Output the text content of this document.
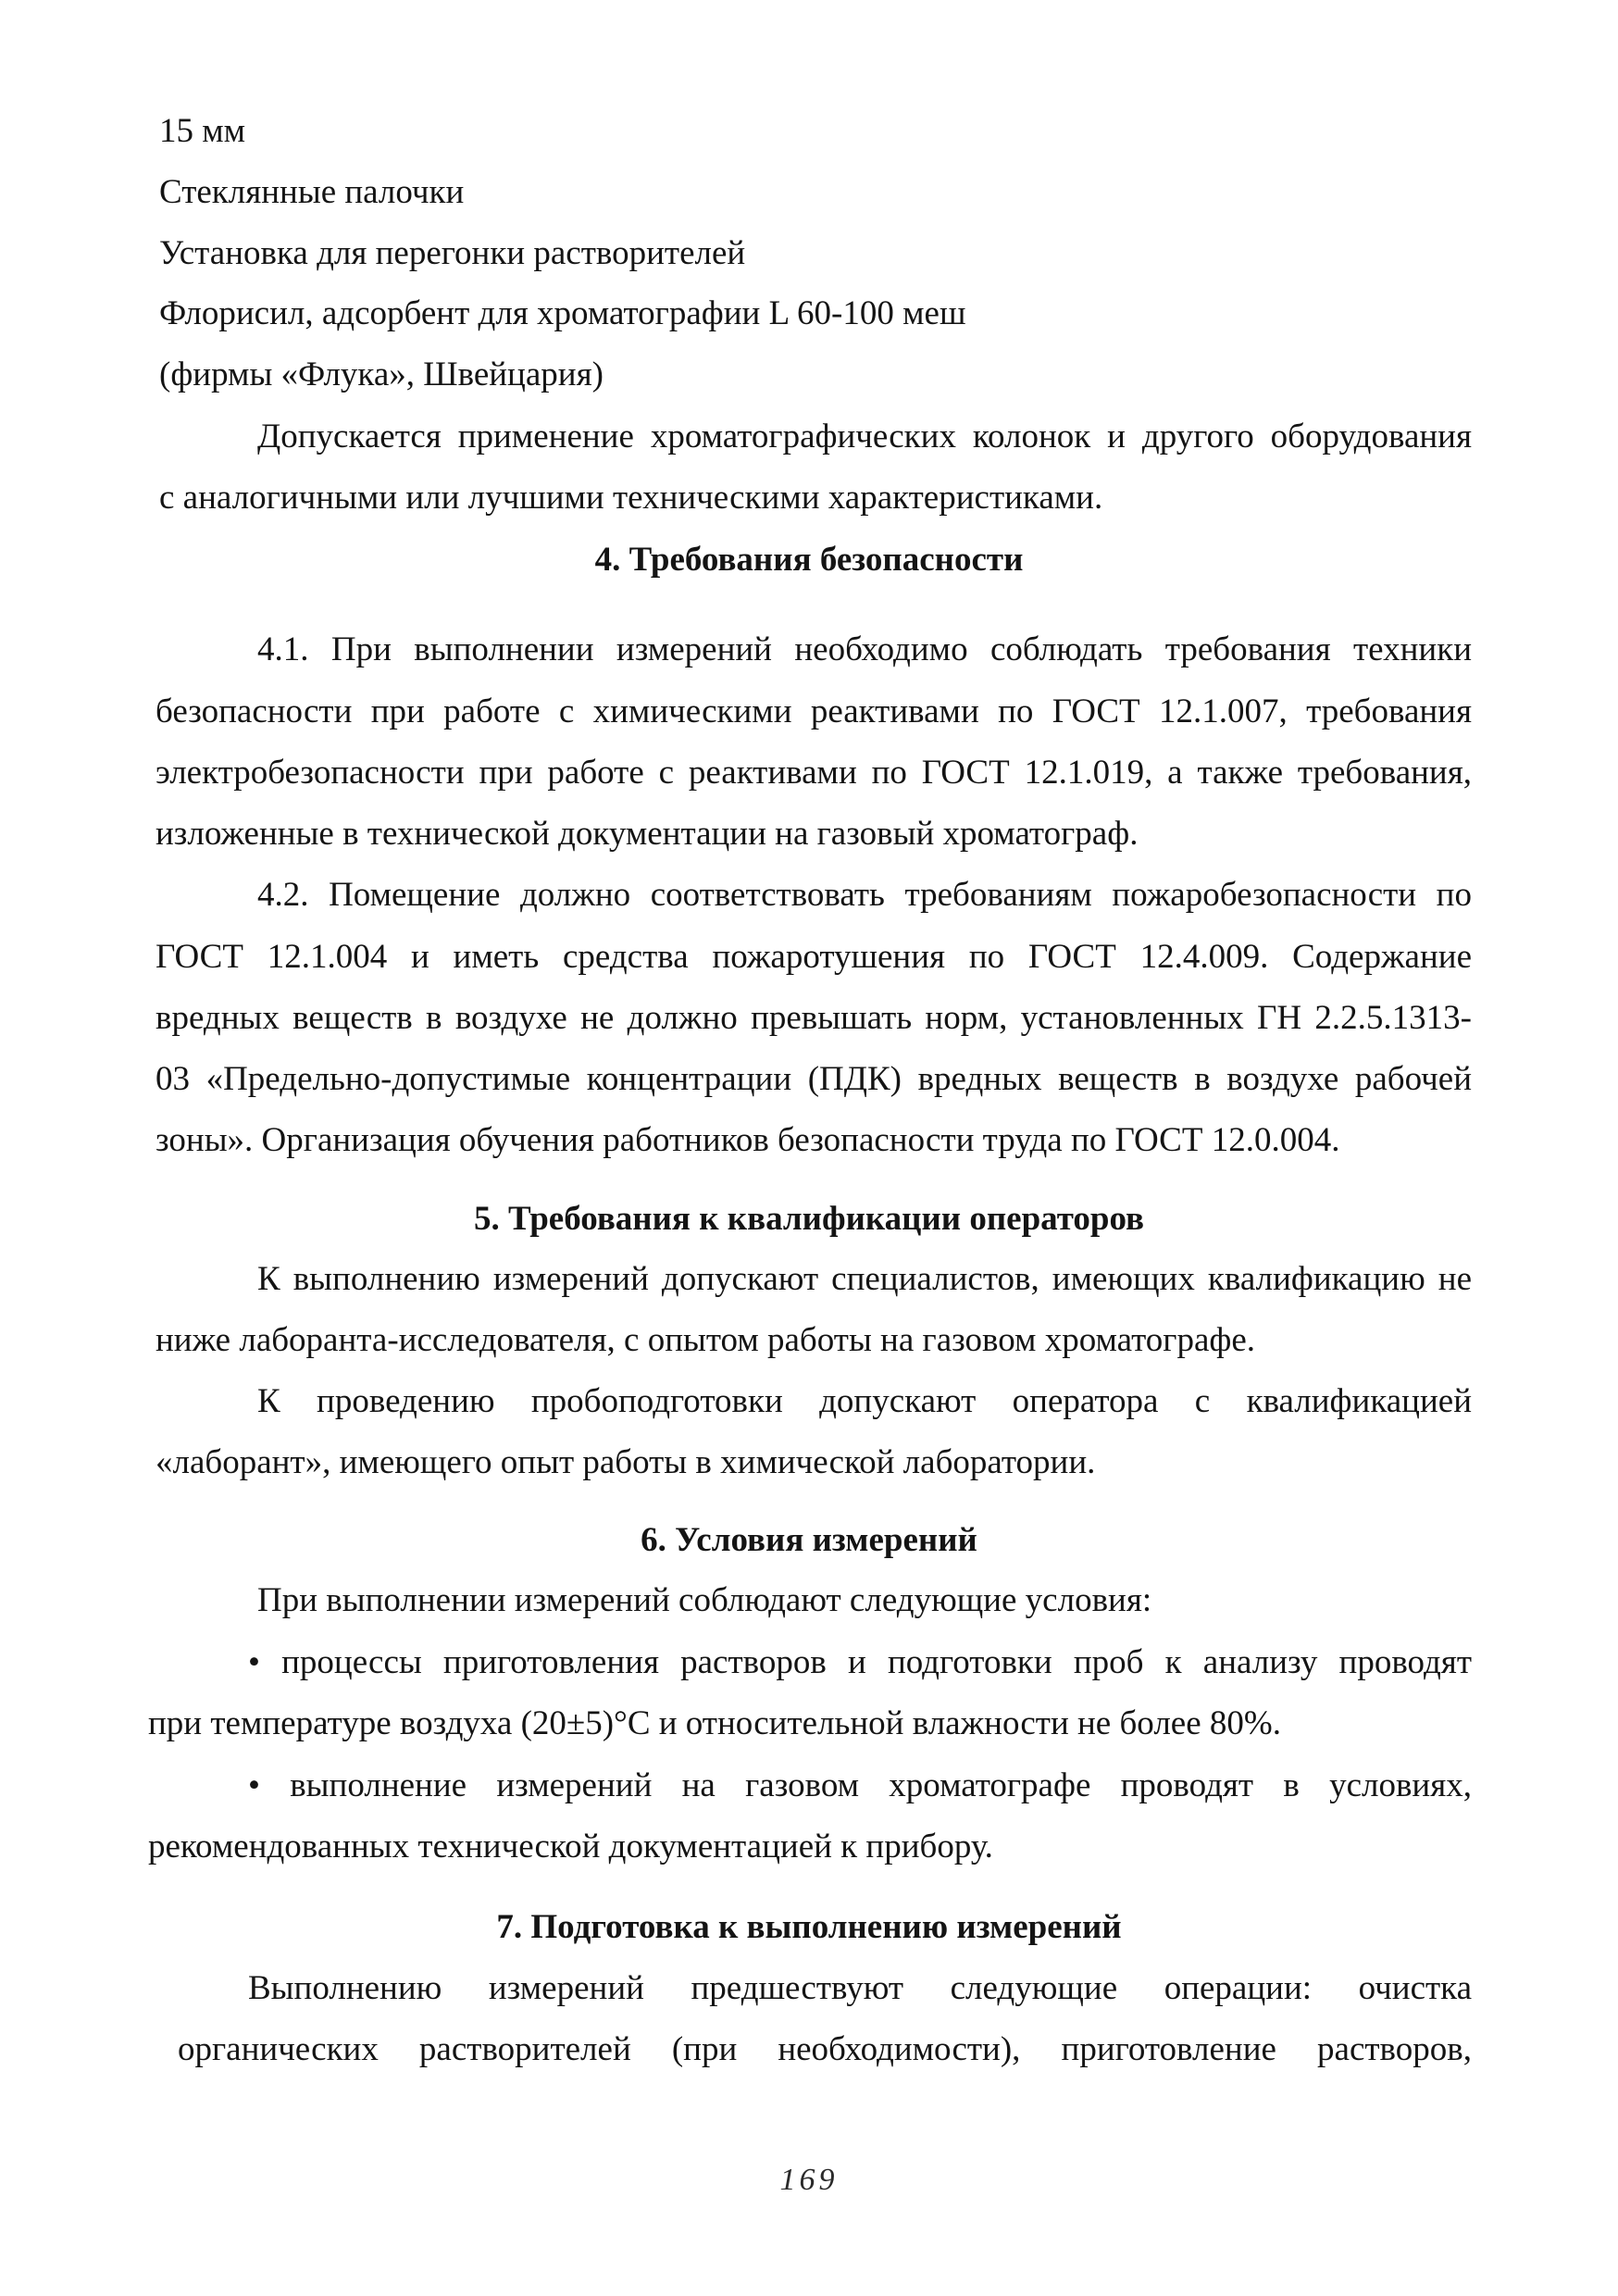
15 мм
Стеклянные палочки
Установка для перегонки растворителей
Флорисил, адсорбент для хроматографии L 60-100 меш
(фирмы «Флука», Швейцария)
Допускается применение хроматографических колонок и другого оборудования
с аналогичными или лучшими техническими характеристиками.
4. Требования безопасности
4.1. При выполнении измерений необходимо соблюдать требования техники
безопасности при работе с химическими реактивами по ГОСТ 12.1.007, требования
электробезопасности при работе с реактивами по ГОСТ 12.1.019, а также требования,
изложенные в технической документации на газовый хроматограф.
4.2. Помещение должно соответствовать требованиям пожаробезопасности по
ГОСТ 12.1.004 и иметь средства пожаротушения по ГОСТ 12.4.009. Содержание
вредных веществ в воздухе не должно превышать норм, установленных ГН 2.2.5.1313-
03 «Предельно-допустимые концентрации (ПДК) вредных веществ в воздухе рабочей
зоны». Организация обучения работников безопасности труда по ГОСТ 12.0.004.
5. Требования к квалификации операторов
К выполнению измерений допускают специалистов, имеющих квалификацию не
ниже лаборанта-исследователя, с опытом работы на газовом хроматографе.
К проведению пробоподготовки допускают оператора с квалификацией
«лаборант», имеющего опыт работы в химической лаборатории.
6. Условия измерений
При выполнении измерений соблюдают следующие условия:
• процессы приготовления растворов и подготовки проб к анализу проводят
при температуре воздуха (20±5)°С и относительной влажности не более 80%.
• выполнение измерений на газовом хроматографе проводят в условиях,
рекомендованных технической документацией к прибору.
7. Подготовка к выполнению измерений
Выполнению измерений предшествуют следующие операции: очистка
органических растворителей (при необходимости), приготовление растворов,
169
